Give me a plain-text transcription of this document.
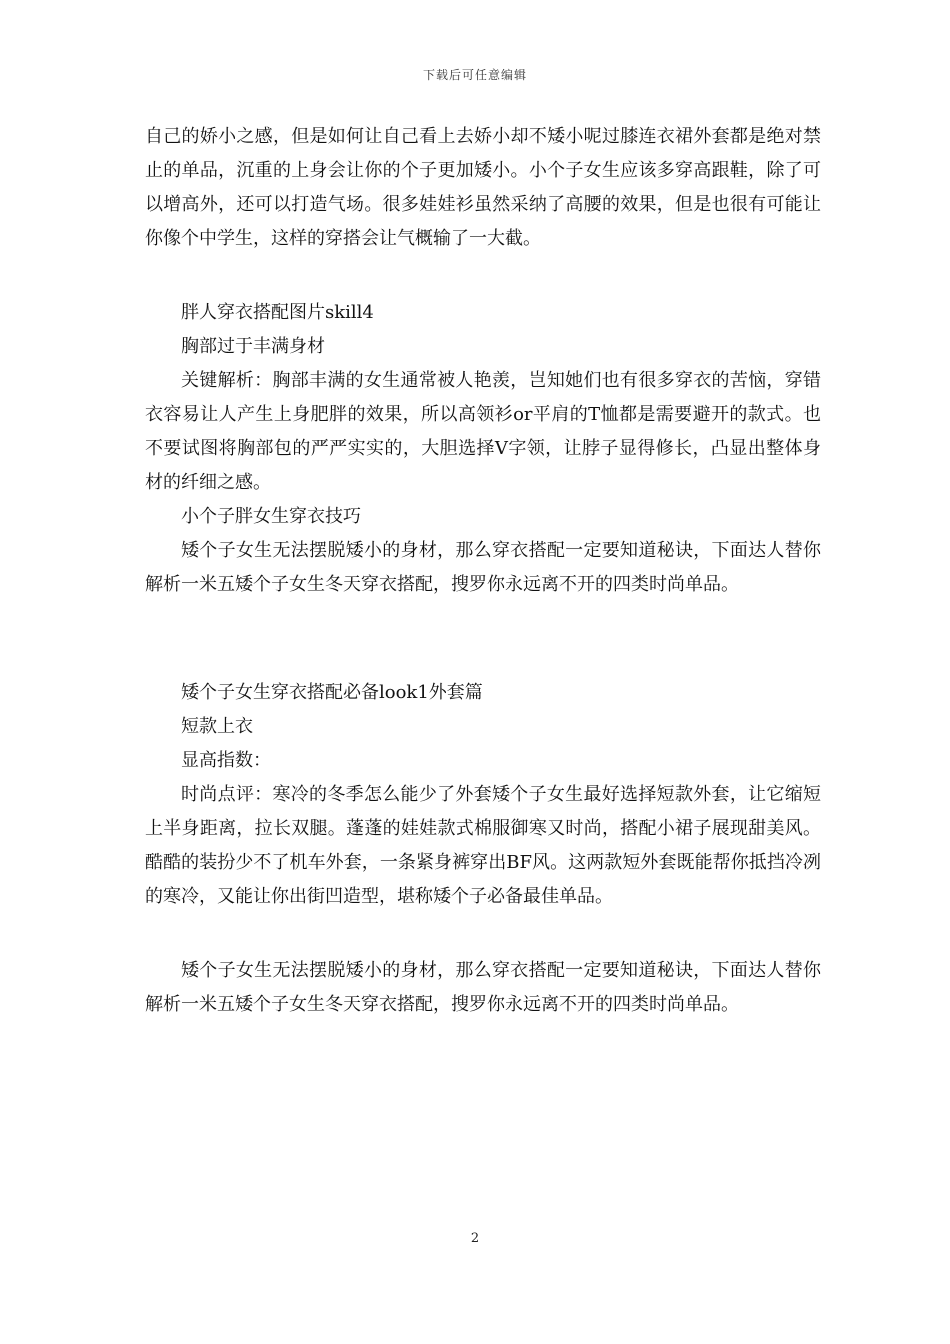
下载后可任意编辑

自己的娇小之感，但是如何让自己看上去娇小却不矮小呢过膝连衣裙外套都是绝对禁止的单品，沉重的上身会让你的个子更加矮小。小个子女生应该多穿高跟鞋，除了可以增高外，还可以打造气场。很多娃娃衫虽然采纳了高腰的效果，但是也很有可能让你像个中学生，这样的穿搭会让气概输了一大截。

胖人穿衣搭配图片skill4

胸部过于丰满身材

关键解析：胸部丰满的女生通常被人艳羡，岂知她们也有很多穿衣的苦恼，穿错衣容易让人产生上身肥胖的效果，所以高领衫or平肩的T恤都是需要避开的款式。也不要试图将胸部包的严严实实的，大胆选择V字领，让脖子显得修长，凸显出整体身材的纤细之感。

小个子胖女生穿衣技巧

矮个子女生无法摆脱矮小的身材，那么穿衣搭配一定要知道秘诀，下面达人替你解析一米五矮个子女生冬天穿衣搭配，搜罗你永远离不开的四类时尚单品。

矮个子女生穿衣搭配必备look1外套篇

短款上衣

显高指数：

时尚点评：寒冷的冬季怎么能少了外套矮个子女生最好选择短款外套，让它缩短上半身距离，拉长双腿。蓬蓬的娃娃款式棉服御寒又时尚，搭配小裙子展现甜美风。酷酷的装扮少不了机车外套，一条紧身裤穿出BF风。这两款短外套既能帮你抵挡冷冽的寒冷，又能让你出街凹造型，堪称矮个子必备最佳单品。

矮个子女生无法摆脱矮小的身材，那么穿衣搭配一定要知道秘诀，下面达人替你解析一米五矮个子女生冬天穿衣搭配，搜罗你永远离不开的四类时尚单品。

2
